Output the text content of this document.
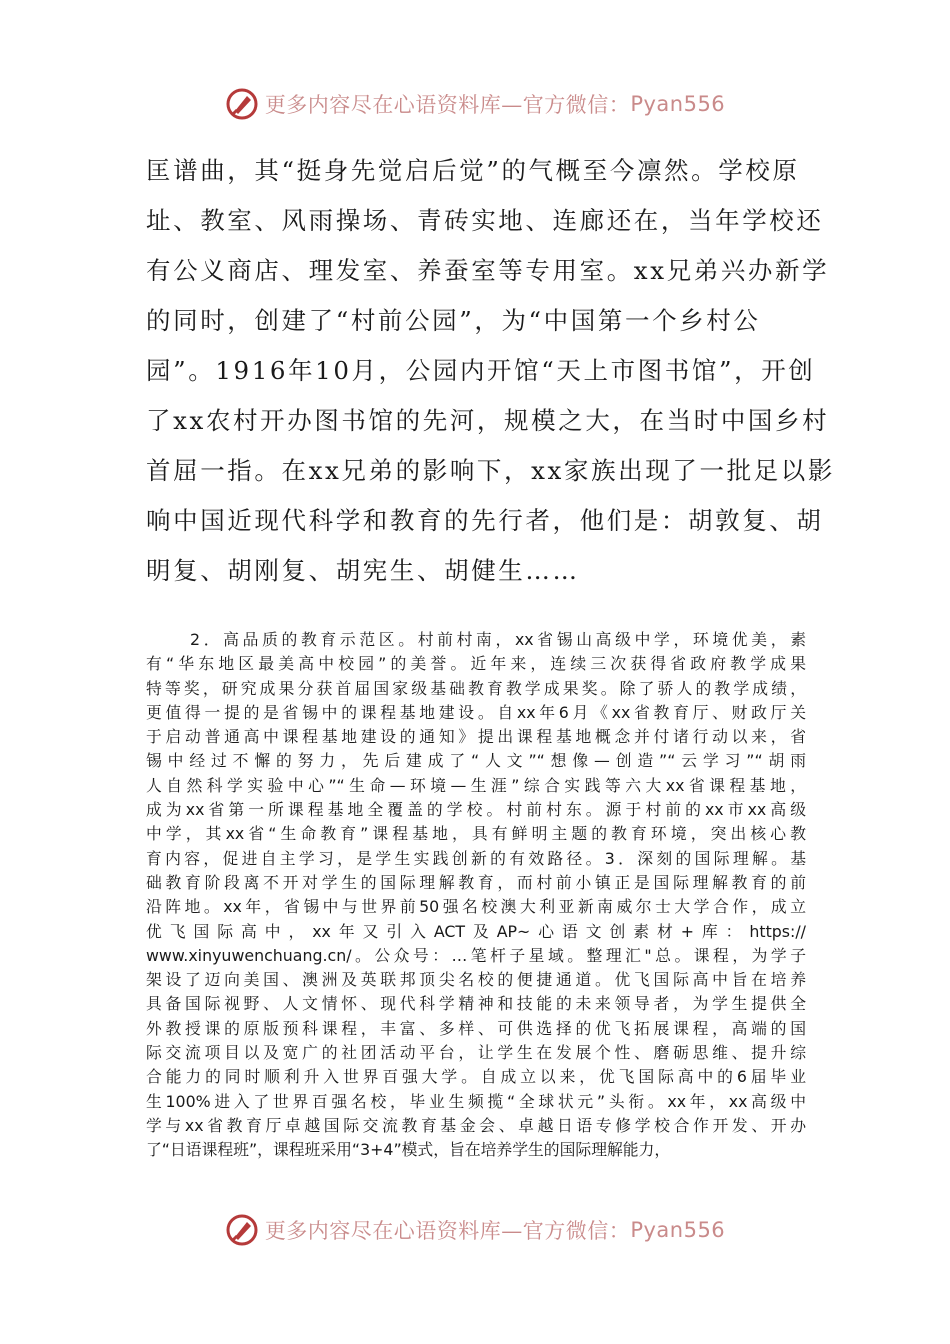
更多内容尽在心语资料库—官方微信： Pyan556
匡谱曲，其“挺身先觉启后觉”的气概至今凛然。学校原
址、教室、风雨操场、青砖实地、连廊还在，当年学校还
有公义商店、理发室、养蚕室等专用室。xx兄弟兴办新学
的同时，创建了“村前公园”，为“中国第一个乡村公
园”。1916年10月，公园内开馆“天上市图书馆”，开创
了xx农村开办图书馆的先河，规模之大，在当时中国乡村
首屈一指。在xx兄弟的影响下，xx家族出现了一批足以影
响中国近现代科学和教育的先行者，他们是：胡敦复、胡
明复、胡刚复、胡宪生、胡健生……
2．高品质的教育示范区。村前村南，xx省锡山高级中学，环境优美，素
有“华东地区最美高中校园”的美誉。近年来，连续三次获得省政府教学成果
特等奖，研究成果分获首届国家级基础教育教学成果奖。除了骄人的教学成绩，
更值得一提的是省锡中的课程基地建设。自xx年6月《xx省教育厅、财政厅关
于启动普通高中课程基地建设的通知》提出课程基地概念并付诸行动以来，省
锡中经过不懈的努力，先后建成了“人文”“想像—创造”“云学习”“胡雨
人自然科学实验中心”“生命—环境—生涯”综合实践等六大xx省课程基地，
成为xx省第一所课程基地全覆盖的学校。村前村东。源于村前的xx市xx高级
中学，其xx省“生命教育”课程基地，具有鲜明主题的教育环境，突出核心教
育内容，促进自主学习，是学生实践创新的有效路径。3．深刻的国际理解。基
础教育阶段离不开对学生的国际理解教育，而村前小镇正是国际理解教育的前
沿阵地。xx年，省锡中与世界前50强名校澳大利亚新南威尔士大学合作，成立
优飞国际高中，xx年又引入ACT及AP~心语文创素材+库：https://
www.xinyuwenchuang.cn/。公众号：…笔杆子星域。整理汇"总。课程，为学子
架设了迈向美国、澳洲及英联邦顶尖名校的便捷通道。优飞国际高中旨在培养
具备国际视野、人文情怀、现代科学精神和技能的未来领导者，为学生提供全
外教授课的原版预科课程，丰富、多样、可供选择的优飞拓展课程，高端的国
际交流项目以及宽广的社团活动平台，让学生在发展个性、磨砺思维、提升综
合能力的同时顺利升入世界百强大学。自成立以来，优飞国际高中的6届毕业
生100%进入了世界百强名校，毕业生频揽“全球状元”头衔。xx年，xx高级中
学与xx省教育厅卓越国际交流教育基金会、卓越日语专修学校合作开发、开办
了“日语课程班”，课程班采用“3+4”模式，旨在培养学生的国际理解能力，
更多内容尽在心语资料库—官方微信： Pyan556
